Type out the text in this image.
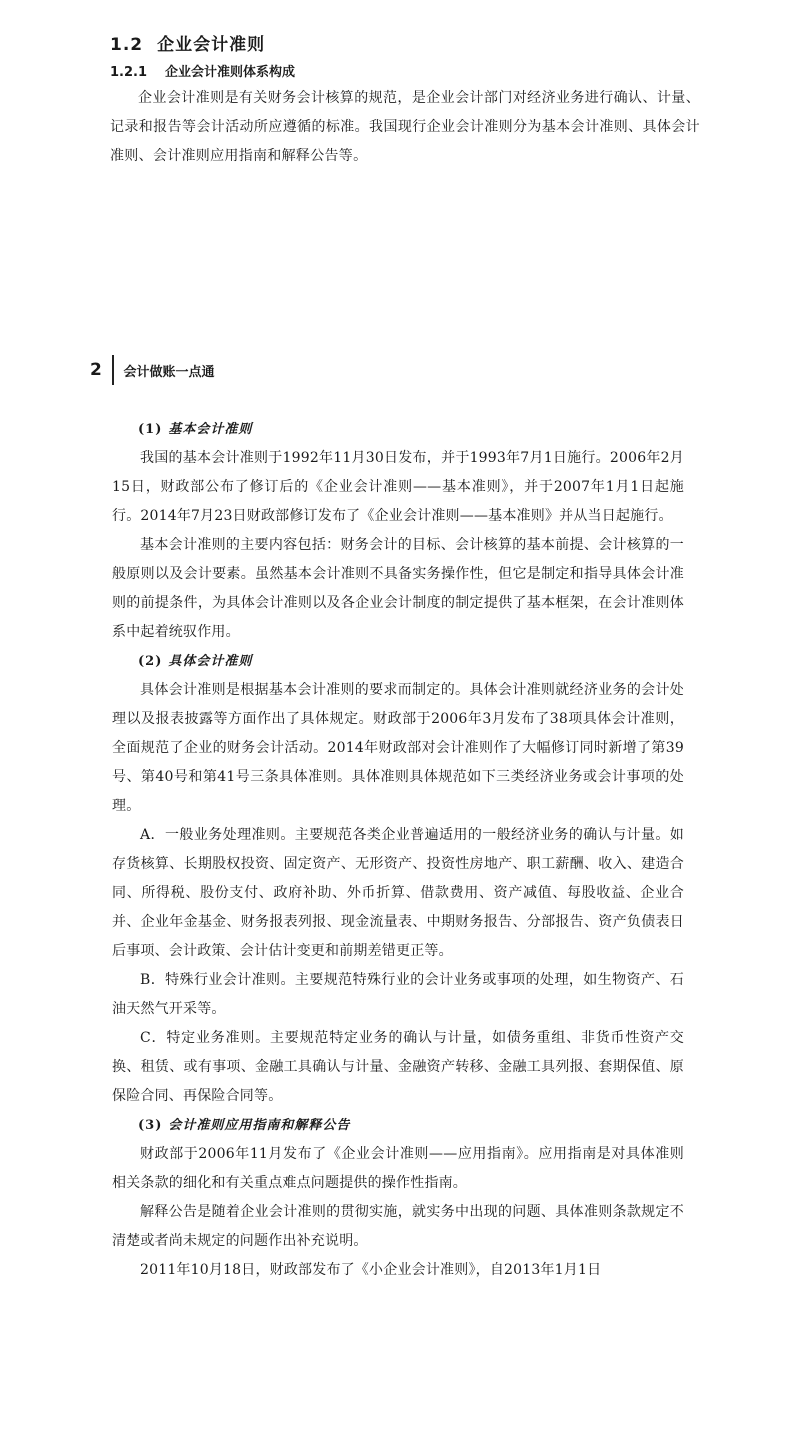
1.2 企业会计准则
1.2.1 企业会计准则体系构成

企业会计准则是有关财务会计核算的规范，是企业会计部门对经济业务进行确认、计量、记录和报告等会计活动所应遵循的标准。我国现行企业会计准则分为基本会计准则、具体会计准则、会计准则应用指南和解释公告等。

2	会计做账一点通
(1) 基本会计准则

我国的基本会计准则于1992年11月30日发布，并于1993年7月1日施行。2006年2月15日，财政部公布了修订后的《企业会计准则——基本准则》，并于2007年1月1日起施行。2014年7月23日财政部修订发布了《企业会计准则——基本准则》并从当日起施行。

基本会计准则的主要内容包括：财务会计的目标、会计核算的基本前提、会计核算的一般原则以及会计要素。虽然基本会计准则不具备实务操作性，但它是制定和指导具体会计准则的前提条件，为具体会计准则以及各企业会计制度的制定提供了基本框架，在会计准则体系中起着统驭作用。

(2) 具体会计准则

具体会计准则是根据基本会计准则的要求而制定的。具体会计准则就经济业务的会计处理以及报表披露等方面作出了具体规定。财政部于2006年3月发布了38项具体会计准则，全面规范了企业的财务会计活动。2014年财政部对会计准则作了大幅修订同时新增了第39号、第40号和第41号三条具体准则。具体准则具体规范如下三类经济业务或会计事项的处理。

A．一般业务处理准则。主要规范各类企业普遍适用的一般经济业务的确认与计量。如存货核算、长期股权投资、固定资产、无形资产、投资性房地产、职工薪酬、收入、建造合同、所得税、股份支付、政府补助、外币折算、借款费用、资产减值、每股收益、企业合并、企业年金基金、财务报表列报、现金流量表、中期财务报告、分部报告、资产负债表日后事项、会计政策、会计估计变更和前期差错更正等。

B．特殊行业会计准则。主要规范特殊行业的会计业务或事项的处理，如生物资产、石油天然气开采等。

C．特定业务准则。主要规范特定业务的确认与计量，如债务重组、非货币性资产交换、租赁、或有事项、金融工具确认与计量、金融资产转移、金融工具列报、套期保值、原保险合同、再保险合同等。

(3) 会计准则应用指南和解释公告

财政部于2006年11月发布了《企业会计准则——应用指南》。应用指南是对具体准则相关条款的细化和有关重点难点问题提供的操作性指南。

解释公告是随着企业会计准则的贯彻实施，就实务中出现的问题、具体准则条款规定不清楚或者尚未规定的问题作出补充说明。

2011年10月18日，财政部发布了《小企业会计准则》，自2013年1月1日
